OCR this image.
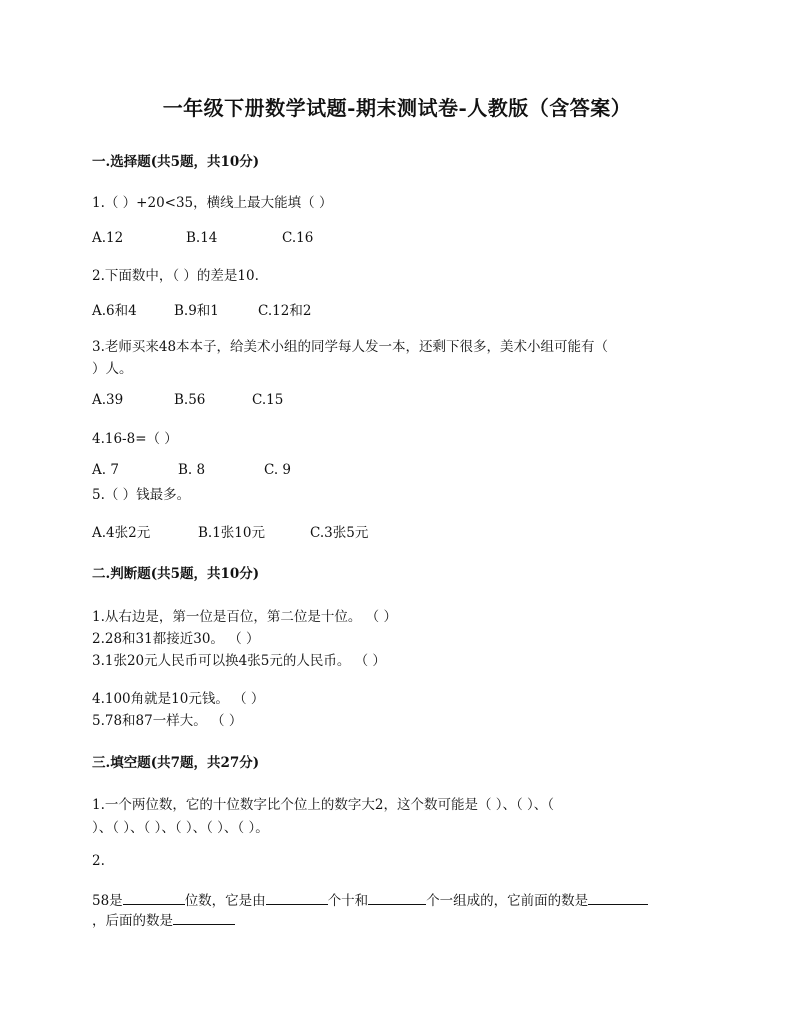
一年级下册数学试题-期末测试卷-人教版（含答案）
一.选择题(共5题，共10分)
1.（ ）+20<35，横线上最大能填（ ）
A.12	B.14	C.16
2.下面数中，（ ）的差是10.
A.6和4	B.9和1	C.12和2
3.老师买来48本本子，给美术小组的同学每人发一本，还剩下很多，美术小组可能有（
）人。
A.39	B.56	C.15
4.16-8=（ ）
A. 7	B. 8	C. 9
5.（ ）钱最多。
A.4张2元	B.1张10元	C.3张5元
二.判断题(共5题，共10分)
1.从右边是，第一位是百位，第二位是十位。 （ ）
2.28和31都接近30。 （ ）
3.1张20元人民币可以换4张5元的人民币。 （ ）
4.100角就是10元钱。 （ ）
5.78和87一样大。 （ ）
三.填空题(共7题，共27分)
1.一个两位数，它的十位数字比个位上的数字大2，这个数可能是（ ）、（ ）、（
）、（ ）、（ ）、（ ）、（ ）、（ ）。
2.
58是	位数，它是由	个十和	个一组成的，它前面的数是
，后面的数是
